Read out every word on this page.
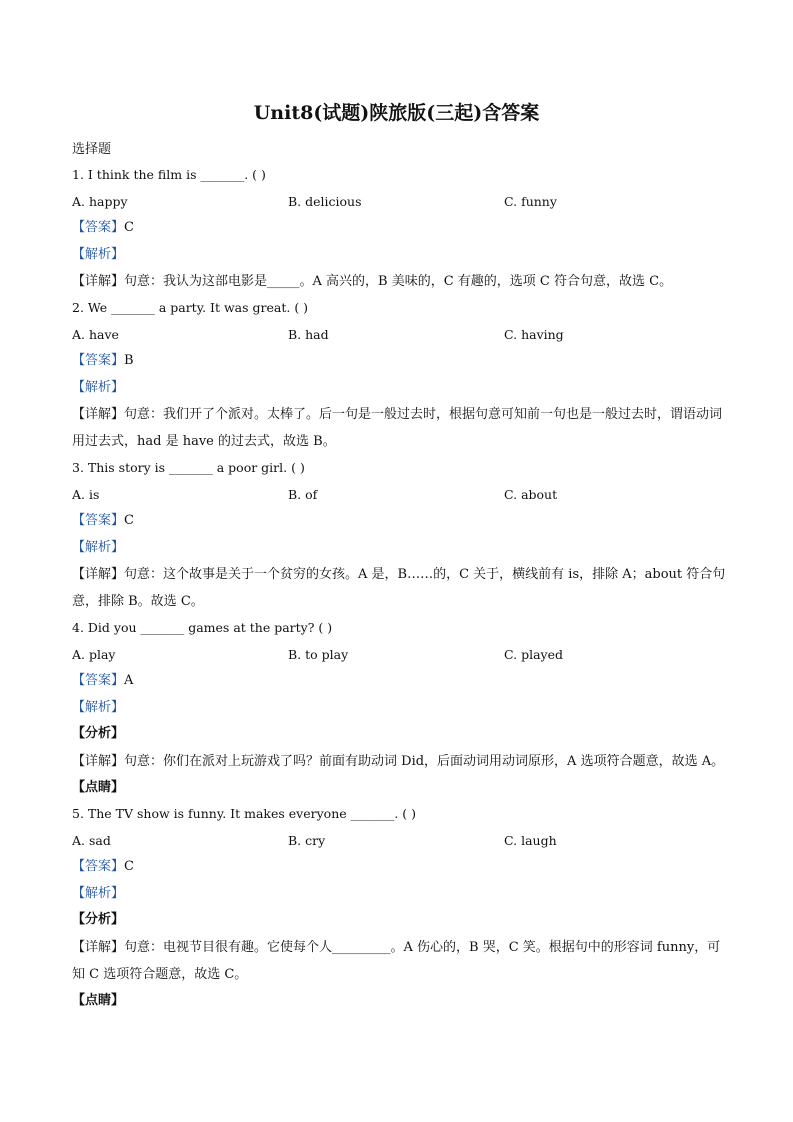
Unit8(试题)陕旅版(三起)含答案
选择题
1. I think the film is _______. ( )
A. happy	B. delicious	C. funny
【答案】C
【解析】
【详解】句意：我认为这部电影是_____。A 高兴的，B 美味的，C 有趣的，选项 C 符合句意，故选 C。
2. We _______ a party. It was great. ( )
A. have	B. had	C. having
【答案】B
【解析】
【详解】句意：我们开了个派对。太棒了。后一句是一般过去时，根据句意可知前一句也是一般过去时，谓语动词用过去式，had 是 have 的过去式，故选 B。
3. This story is _______ a poor girl. ( )
A. is	B. of	C. about
【答案】C
【解析】
【详解】句意：这个故事是关于一个贫穷的女孩。A 是，B……的，C 关于，横线前有 is，排除 A；about 符合句意，排除 B。故选 C。
4. Did you _______ games at the party? ( )
A. play	B. to play	C. played
【答案】A
【解析】
【分析】
【详解】句意：你们在派对上玩游戏了吗？前面有助动词 Did，后面动词用动词原形，A 选项符合题意，故选 A。
【点睛】
5. The TV show is funny. It makes everyone _______. ( )
A. sad	B. cry	C. laugh
【答案】C
【解析】
【分析】
【详解】句意：电视节目很有趣。它使每个人_________。A 伤心的，B 哭，C 笑。根据句中的形容词 funny，可知 C 选项符合题意，故选 C。
【点睛】
